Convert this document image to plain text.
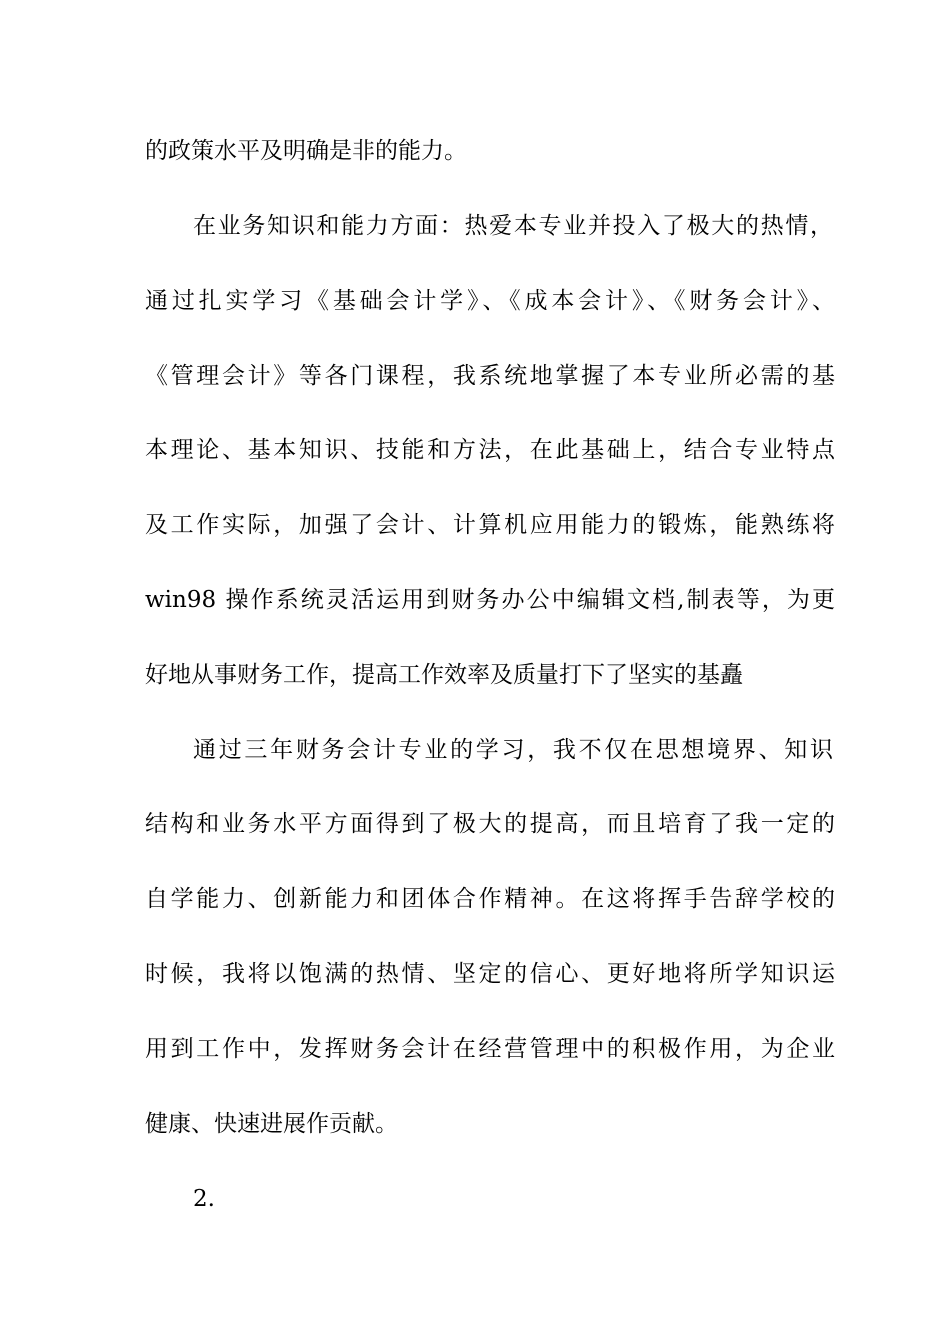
的政策水平及明确是非的能力。
在业务知识和能力方面：热爱本专业并投入了极大的热情，
通过扎实学习《基础会计学》、《成本会计》、《财务会计》、
《管理会计》等各门课程，我系统地掌握了本专业所必需的基
本理论、基本知识、技能和方法，在此基础上，结合专业特点
及工作实际，加强了会计、计算机应用能力的锻炼，能熟练将
win98 操作系统灵活运用到财务办公中编辑文档,制表等，为更
好地从事财务工作，提高工作效率及质量打下了坚实的基矗
通过三年财务会计专业的学习，我不仅在思想境界、知识
结构和业务水平方面得到了极大的提高，而且培育了我一定的
自学能力、创新能力和团体合作精神。在这将挥手告辞学校的
时候，我将以饱满的热情、坚定的信心、更好地将所学知识运
用到工作中，发挥财务会计在经营管理中的积极作用，为企业
健康、快速进展作贡献。
2.
